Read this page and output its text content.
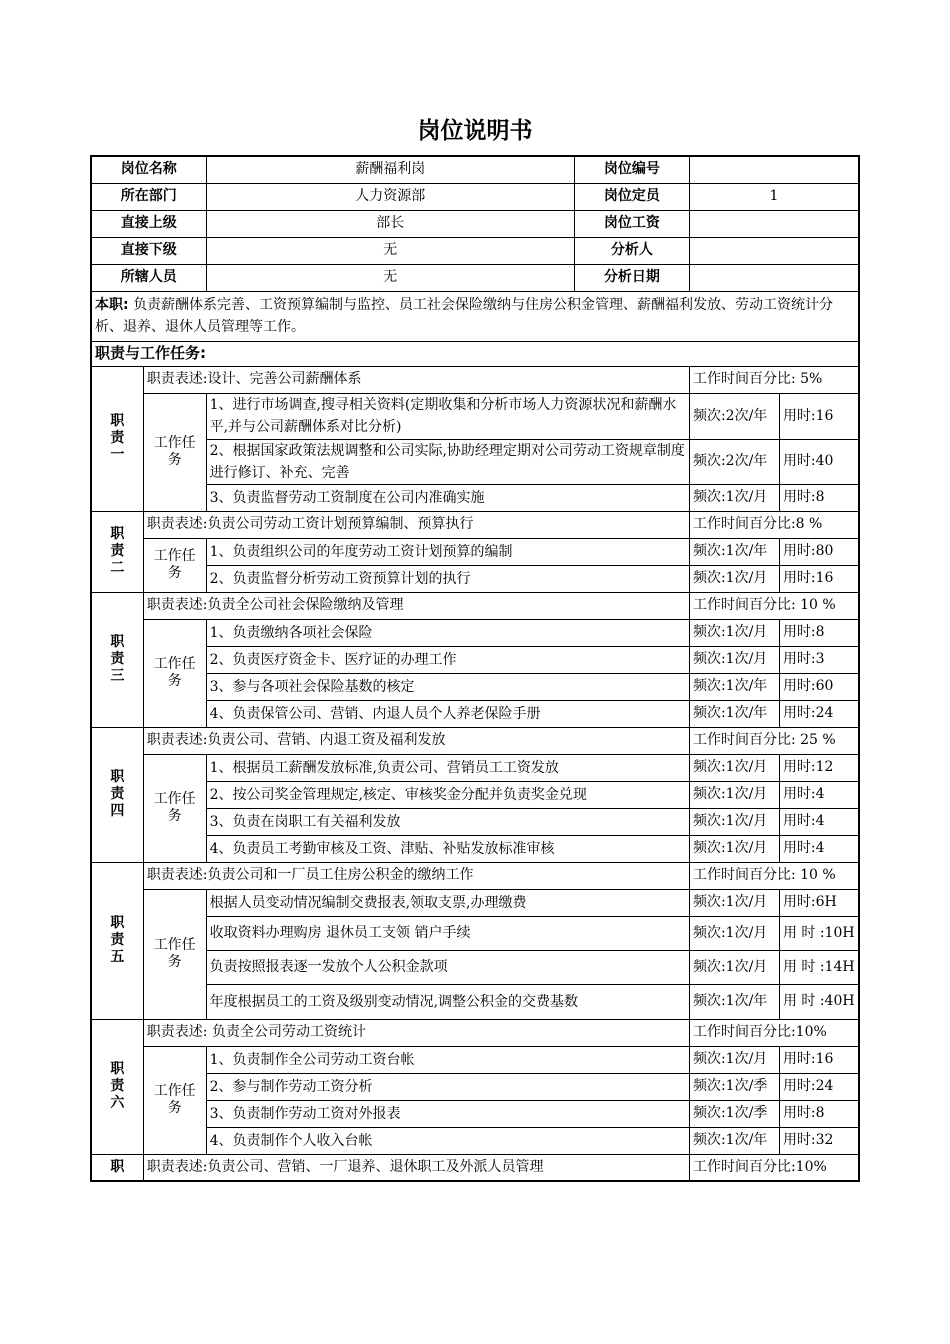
岗位说明书
岗位名称		薪酬福利岗	岗位编号		
所在部门		人力资源部	岗位定员	1	
直接上级		部长	岗位工资		
直接下级		无	分析人		
所辖人员		无	分析日期		
本职: 负责薪酬体系完善、工资预算编制与监控、员工社会保险缴纳与住房公积金管理、薪酬福利发放、劳动工资统计分析、退养、退休人员管理等工作。					
职责与工作任务:					

职
责
一	职责表述:设计、完善公司薪酬体系			工作时间百分比: 5%	
	工作任务	1、进行市场调查,搜寻相关资料(定期收集和分析市场人力资源状况和薪酬水平,并与公司薪酬体系对比分析)		频次:2次/年	用时:16
		2、根据国家政策法规调整和公司实际,协助经理定期对公司劳动工资规章制度进行修订、补充、完善		频次:2次/年	用时:40
		3、负责监督劳动工资制度在公司内准确实施		频次:1次/月	用时:8

职
责
二	职责表述:负责公司劳动工资计划预算编制、预算执行			工作时间百分比:8 %	
	工作任务	1、负责组织公司的年度劳动工资计划预算的编制		频次:1次/年	用时:80
		2、负责监督分析劳动工资预算计划的执行		频次:1次/月	用时:16

职
责
三	职责表述:负责全公司社会保险缴纳及管理			工作时间百分比: 10 %	
	工作任务	1、负责缴纳各项社会保险		频次:1次/月	用时:8
		2、负责医疗资金卡、医疗证的办理工作		频次:1次/月	用时:3
		3、参与各项社会保险基数的核定		频次:1次/年	用时:60
		4、负责保管公司、营销、内退人员个人养老保险手册		频次:1次/年	用时:24

职
责
四	职责表述:负责公司、营销、内退工资及福利发放			工作时间百分比: 25 %	
	工作任务	1、根据员工薪酬发放标准,负责公司、营销员工工资发放		频次:1次/月	用时:12
		2、按公司奖金管理规定,核定、审核奖金分配并负责奖金兑现		频次:1次/月	用时:4
		3、负责在岗职工有关福利发放		频次:1次/月	用时:4
		4、负责员工考勤审核及工资、津贴、补贴发放标准审核		频次:1次/月	用时:4

职
责
五	职责表述:负责公司和一厂员工住房公积金的缴纳工作			工作时间百分比: 10 %	
	工作任务	根据人员变动情况编制交费报表,领取支票,办理缴费		频次:1次/月	用时:6H
		收取资料办理购房 退休员工支领 销户手续		频次:1次/月	用 时 :10H
		负责按照报表逐一发放个人公积金款项		频次:1次/月	用 时 :14H
		年度根据员工的工资及级别变动情况,调整公积金的交费基数		频次:1次/年	用 时 :40H

职
责
六	职责表述: 负责全公司劳动工资统计			工作时间百分比:10%	
	工作任务	1、负责制作全公司劳动工资台帐		频次:1次/月	用时:16
		2、参与制作劳动工资分析		频次:1次/季	用时:24
		3、负责制作劳动工资对外报表		频次:1次/季	用时:8
		4、负责制作个人收入台帐		频次:1次/年	用时:32

职	职责表述:负责公司、营销、一厂退养、退休职工及外派人员管理			工作时间百分比:10%	
